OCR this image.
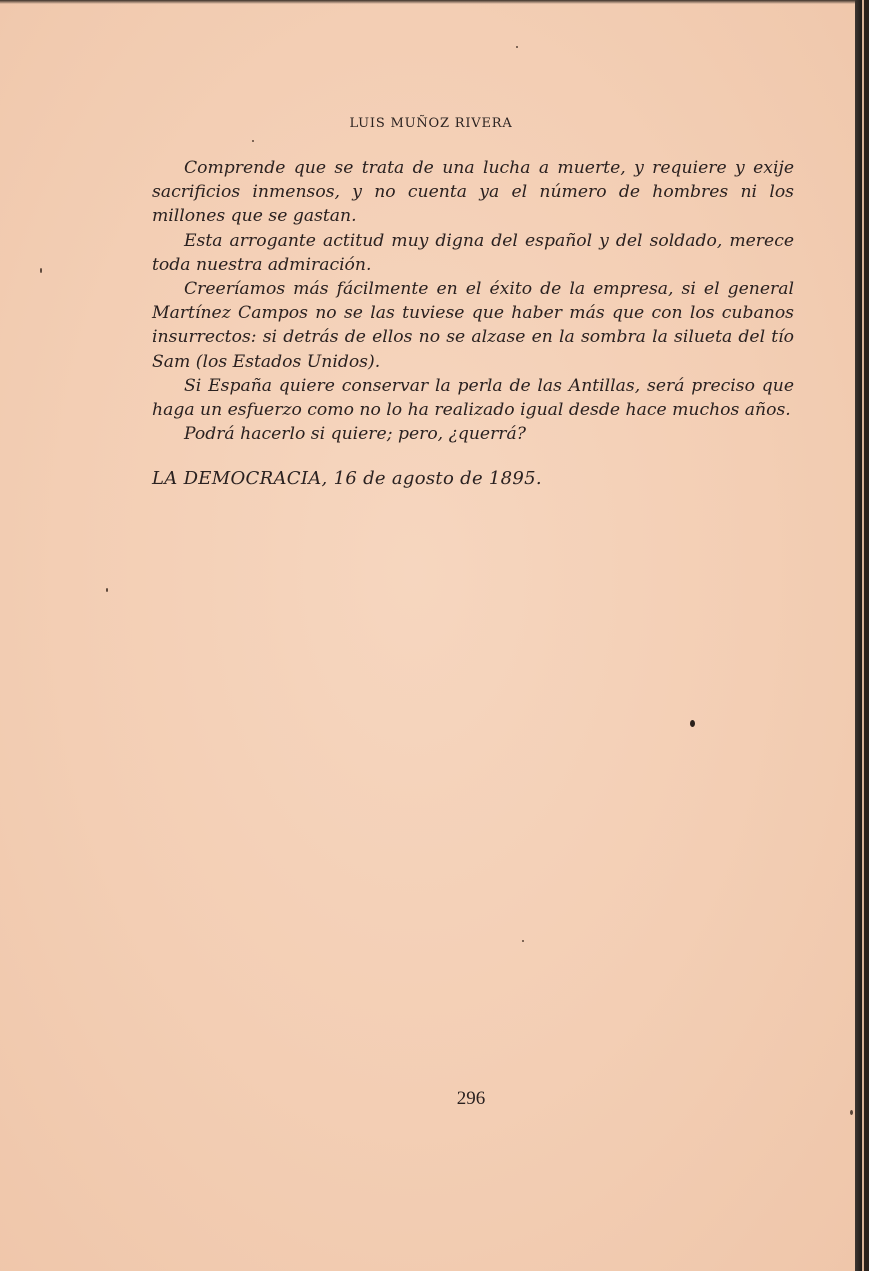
LUIS MUÑOZ RIVERA

Comprende que se trata de una lucha a muerte, y requiere y exije sacrificios inmensos, y no cuenta ya el número de hombres ni los millones que se gastan.

Esta arrogante actitud muy digna del español y del soldado, merece toda nuestra admiración.

Creeríamos más fácilmente en el éxito de la empresa, si el general Martínez Campos no se las tuviese que haber más que con los cubanos insurrectos: si detrás de ellos no se alzase en la sombra la silueta del tío Sam (los Estados Unidos).

Si España quiere conservar la perla de las Antillas, será preciso que haga un esfuerzo como no lo ha realizado igual desde hace muchos años.

Podrá hacerlo si quiere; pero, ¿querrá?

LA DEMOCRACIA, 16 de agosto de 1895.
296
